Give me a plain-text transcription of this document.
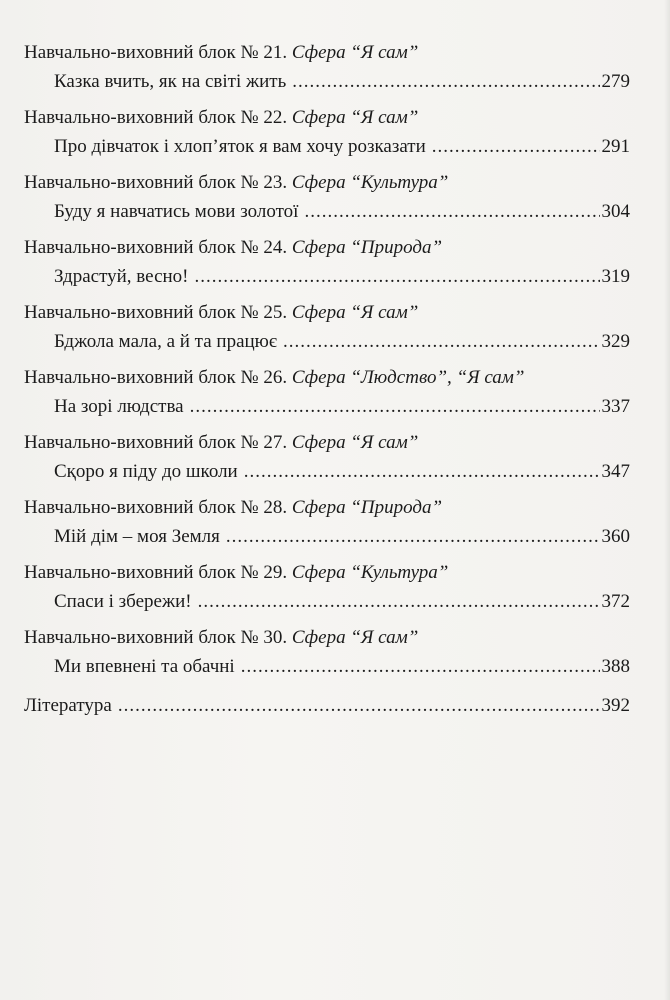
Навчально-виховний блок № 21. Сфера “Я сам”
Казка вчить, як на світі жить .....	279
Навчально-виховний блок № 22. Сфера “Я сам”
Про дівчаток і хлоп’яток я вам хочу розказати .....	291
Навчально-виховний блок № 23. Сфера “Культура”
Буду я навчатись мови золотої .....	304
Навчально-виховний блок № 24. Сфера “Природа”
Здрастуй, весно! .....	319
Навчально-виховний блок № 25. Сфера “Я сам”
Бджола мала, а й та працює .....	329
Навчально-виховний блок № 26. Сфера “Людство”, “Я сам”
На зорі людства .....	337
Навчально-виховний блок № 27. Сфера “Я сам”
Сқоро я піду до школи .....	347
Навчально-виховний блок № 28. Сфера “Природа”
Мій дім – моя Земля .....	360
Навчально-виховний блок № 29. Сфера “Культура”
Спаси і збережи! .....	372
Навчально-виховний блок № 30. Сфера “Я сам”
Ми впевнені та обачні .....	388
Література .....	392
